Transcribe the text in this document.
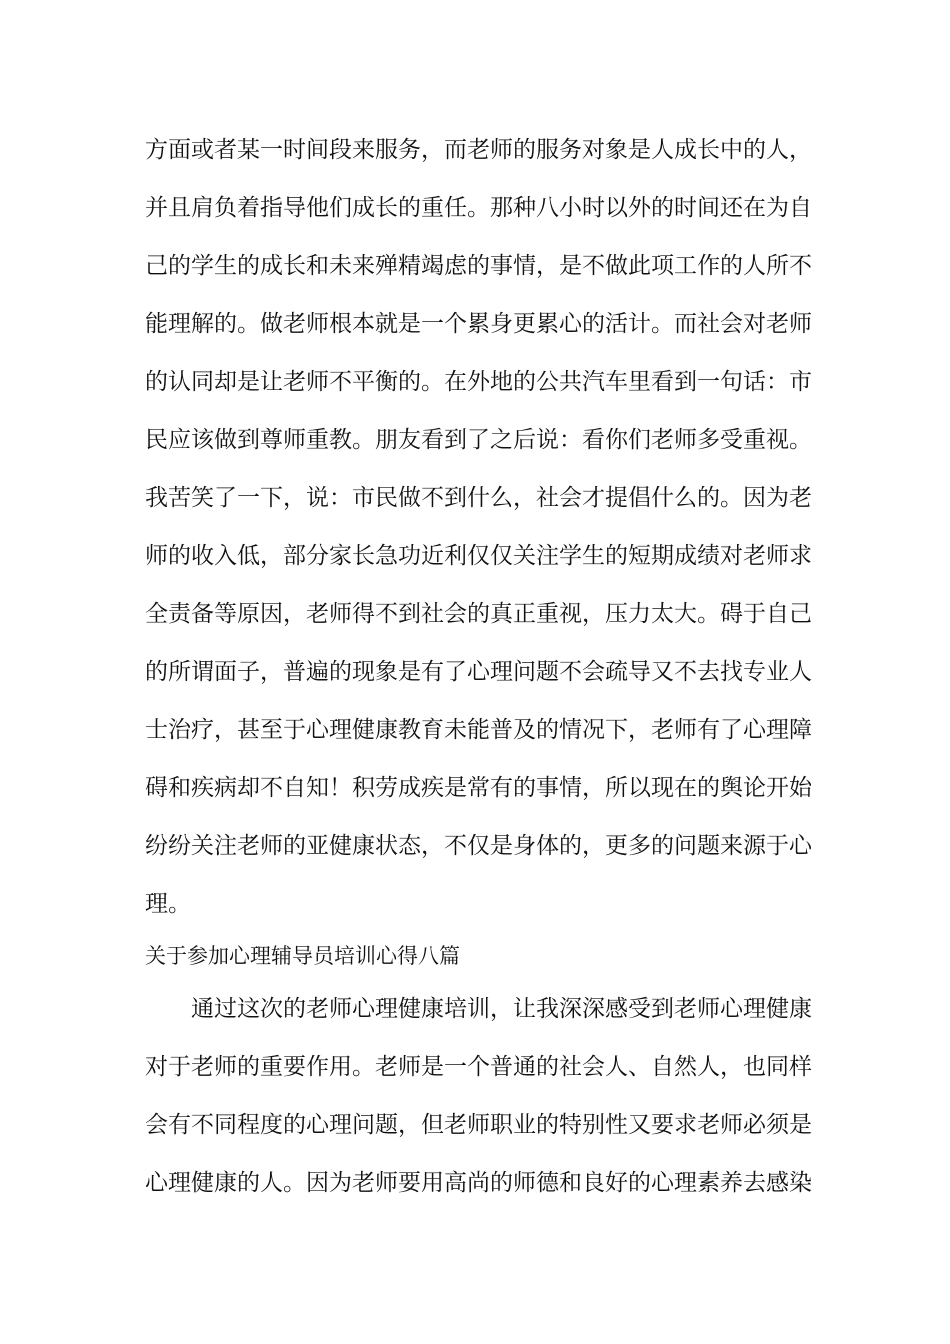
方面或者某一时间段来服务，而老师的服务对象是人成长中的人，
并且肩负着指导他们成长的重任。那种八小时以外的时间还在为自
己的学生的成长和未来殚精竭虑的事情，是不做此项工作的人所不
能理解的。做老师根本就是一个累身更累心的活计。而社会对老师
的认同却是让老师不平衡的。在外地的公共汽车里看到一句话：市
民应该做到尊师重教。朋友看到了之后说：看你们老师多受重视。
我苦笑了一下，说：市民做不到什么，社会才提倡什么的。因为老
师的收入低，部分家长急功近利仅仅关注学生的短期成绩对老师求
全责备等原因，老师得不到社会的真正重视，压力太大。碍于自己
的所谓面子，普遍的现象是有了心理问题不会疏导又不去找专业人
士治疗，甚至于心理健康教育未能普及的情况下，老师有了心理障
碍和疾病却不自知！积劳成疾是常有的事情，所以现在的舆论开始
纷纷关注老师的亚健康状态，不仅是身体的，更多的问题来源于心
理。
关于参加心理辅导员培训心得八篇
通过这次的老师心理健康培训，让我深深感受到老师心理健康
对于老师的重要作用。老师是一个普通的社会人、自然人，也同样
会有不同程度的心理问题，但老师职业的特别性又要求老师必须是
心理健康的人。因为老师要用高尚的师德和良好的心理素养去感染
